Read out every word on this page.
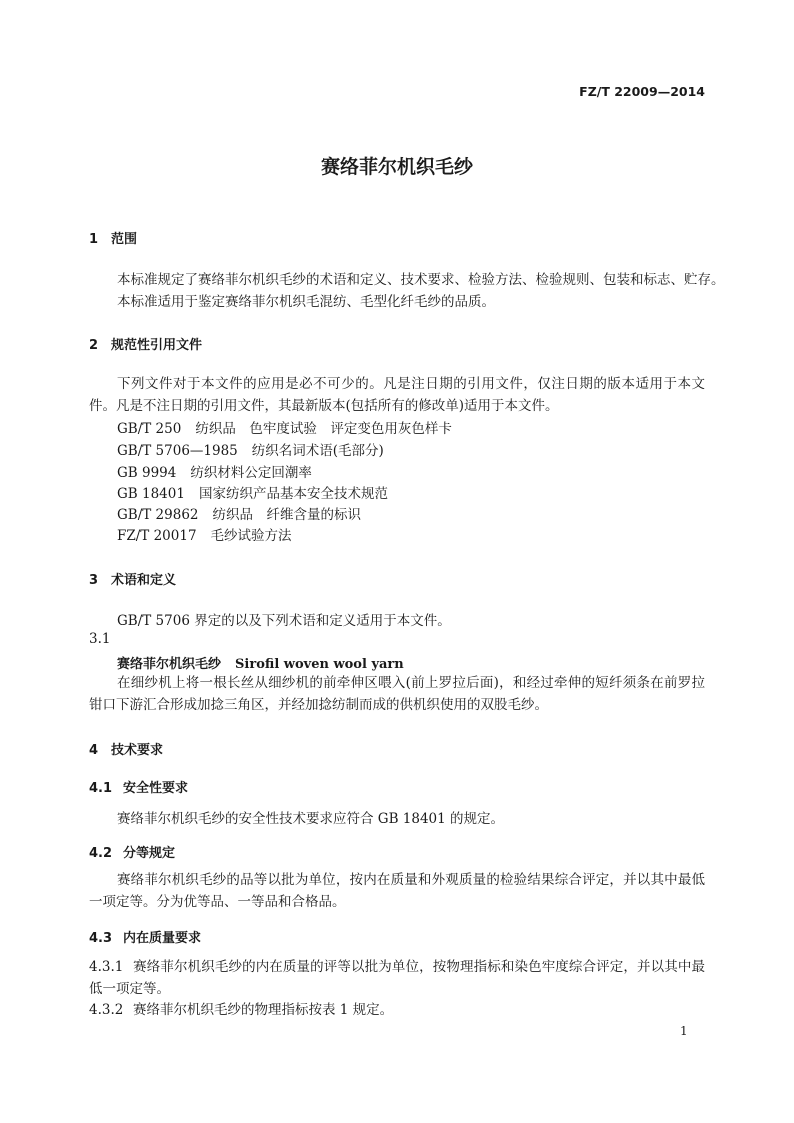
FZ/T 22009—2014
赛络菲尔机织毛纱
1 范围
本标准规定了赛络菲尔机织毛纱的术语和定义、技术要求、检验方法、检验规则、包装和标志、贮存。
本标准适用于鉴定赛络菲尔机织毛混纺、毛型化纤毛纱的品质。
2 规范性引用文件
下列文件对于本文件的应用是必不可少的。凡是注日期的引用文件，仅注日期的版本适用于本文件。凡是不注日期的引用文件，其最新版本(包括所有的修改单)适用于本文件。
GB/T 250 纺织品　色牢度试验　评定变色用灰色样卡
GB/T 5706—1985 纺织名词术语(毛部分)
GB 9994 纺织材料公定回潮率
GB 18401 国家纺织产品基本安全技术规范
GB/T 29862 纺织品　纤维含量的标识
FZ/T 20017 毛纱试验方法
3 术语和定义
GB/T 5706 界定的以及下列术语和定义适用于本文件。
3.1
赛络菲尔机织毛纱 Sirofil woven wool yarn
在细纱机上将一根长丝从细纱机的前牵伸区喂入(前上罗拉后面)，和经过牵伸的短纤须条在前罗拉钳口下游汇合形成加捻三角区，并经加捻纺制而成的供机织使用的双股毛纱。
4 技术要求
4.1 安全性要求
赛络菲尔机织毛纱的安全性技术要求应符合 GB 18401 的规定。
4.2 分等规定
赛络菲尔机织毛纱的品等以批为单位，按内在质量和外观质量的检验结果综合评定，并以其中最低一项定等。分为优等品、一等品和合格品。
4.3 内在质量要求
4.3.1 赛络菲尔机织毛纱的内在质量的评等以批为单位，按物理指标和染色牢度综合评定，并以其中最低一项定等。
4.3.2 赛络菲尔机织毛纱的物理指标按表 1 规定。
1
